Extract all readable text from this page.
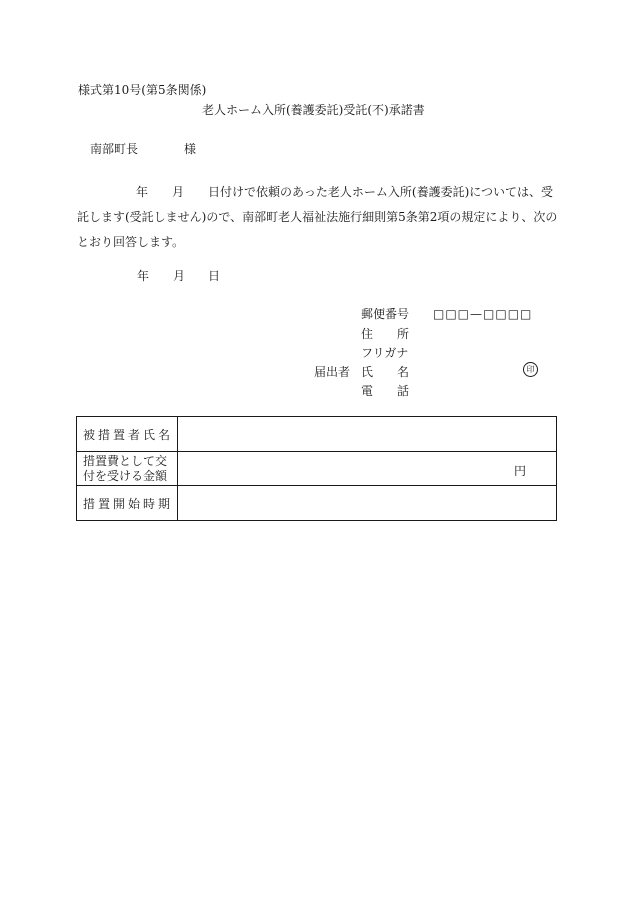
様式第10号(第5条関係)
老人ホーム入所(養護委託)受託(不)承諾書
南部町長	様
年 月 日付けで依頼のあった老人ホーム入所(養護委託)については、受
託します(受託しません)ので、南部町老人福祉法施行細則第5条第2項の規定により、次の
とおり回答します。
年 月 日
郵便番号 □□□—□□□□
住　　所
フリガナ
届出者 氏　　名	印
電　　話
被措置者氏名	

措置費として交
付を受ける金額	円

措置開始時期	
